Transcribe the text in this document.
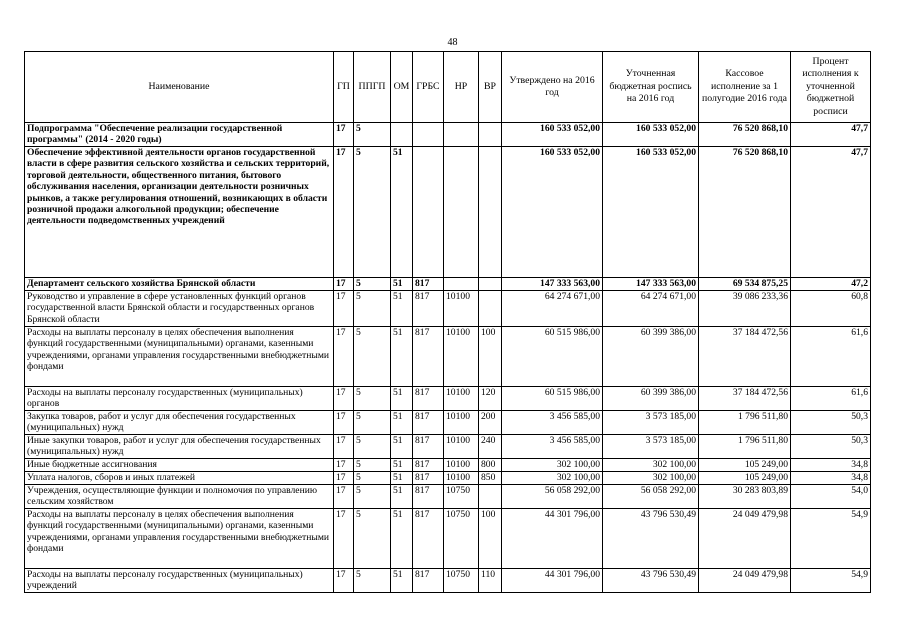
48
Наименование	ГП	ППГП	ОМ	ГРБС	НР	ВР	Утверждено на 2016 год	Уточненная бюджетная роспись на 2016 год	Кассовое исполнение за 1 полугодие 2016 года	Процент исполнения к уточненной бюджетной росписи
Подпрограмма "Обеспечение реализации государственной программы" (2014 - 2020 годы)	17	5					160 533 052,00	160 533 052,00	76 520 868,10	47,7
Обеспечение эффективной деятельности органов государственной власти в сфере развития сельского хозяйства и сельских территорий, торговой деятельности, общественного питания, бытового обслуживания населения, организации деятельности розничных рынков, а также регулирования отношений, возникающих в области розничной продажи алкогольной продукции; обеспечение деятельности подведомственных учреждений	17	5	51				160 533 052,00	160 533 052,00	76 520 868,10	47,7
Департамент сельского хозяйства Брянской области	17	5	51	817			147 333 563,00	147 333 563,00	69 534 875,25	47,2
Руководство и управление в сфере установленных функций органов государственной власти Брянской области и государственных органов Брянской области	17	5	51	817	10100		64 274 671,00	64 274 671,00	39 086 233,36	60,8
Расходы на выплаты персоналу в целях обеспечения выполнения функций государственными (муниципальными) органами, казенными учреждениями, органами управления государственными внебюджетными фондами	17	5	51	817	10100	100	60 515 986,00	60 399 386,00	37 184 472,56	61,6
Расходы на выплаты персоналу государственных (муниципальных) органов	17	5	51	817	10100	120	60 515 986,00	60 399 386,00	37 184 472,56	61,6
Закупка товаров, работ и услуг для обеспечения государственных (муниципальных) нужд	17	5	51	817	10100	200	3 456 585,00	3 573 185,00	1 796 511,80	50,3
Иные закупки товаров, работ и услуг для обеспечения государственных (муниципальных) нужд	17	5	51	817	10100	240	3 456 585,00	3 573 185,00	1 796 511,80	50,3
Иные бюджетные ассигнования	17	5	51	817	10100	800	302 100,00	302 100,00	105 249,00	34,8
Уплата налогов, сборов и иных платежей	17	5	51	817	10100	850	302 100,00	302 100,00	105 249,00	34,8
Учреждения, осуществляющие функции и полномочия по управлению сельским хозяйством	17	5	51	817	10750		56 058 292,00	56 058 292,00	30 283 803,89	54,0
Расходы на выплаты персоналу в целях обеспечения выполнения функций государственными (муниципальными) органами, казенными учреждениями, органами управления государственными внебюджетными фондами	17	5	51	817	10750	100	44 301 796,00	43 796 530,49	24 049 479,98	54,9
Расходы на выплаты персоналу государственных (муниципальных) учреждений	17	5	51	817	10750	110	44 301 796,00	43 796 530,49	24 049 479,98	54,9
